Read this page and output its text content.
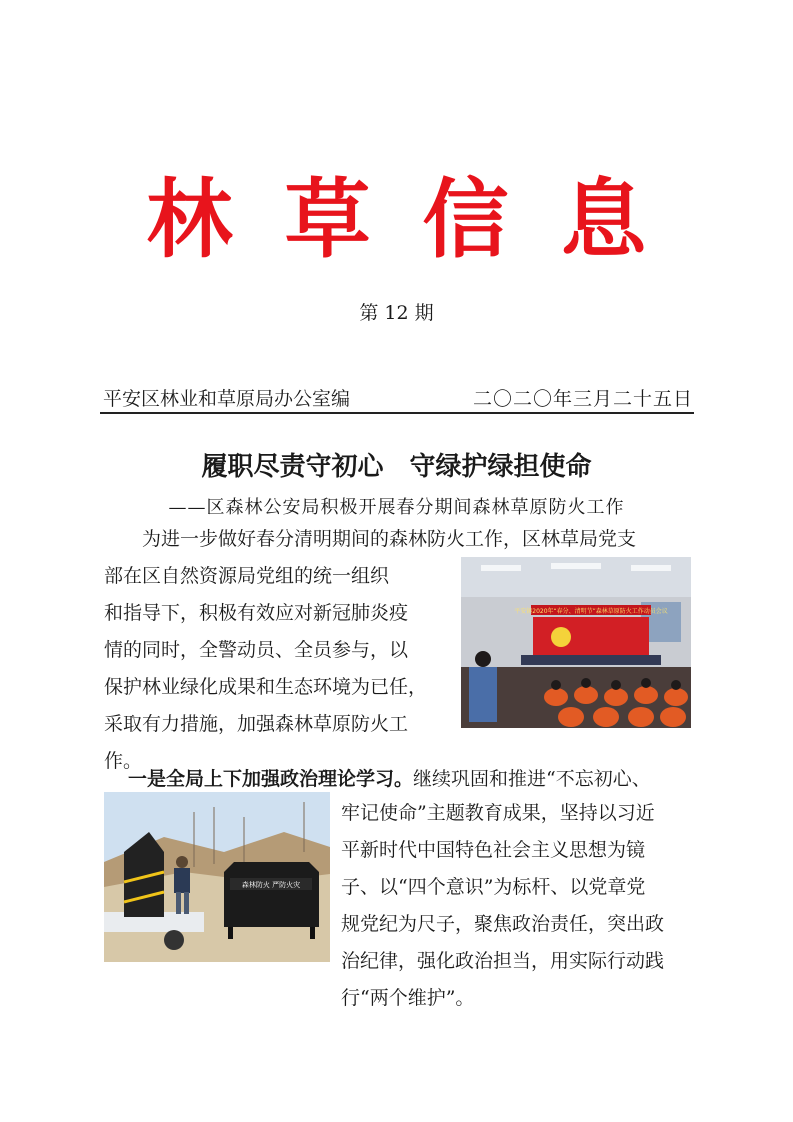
林草信息
第 12 期
平安区林业和草原局办公室编	二〇二〇年三月二十五日
履职尽责守初心　守绿护绿担使命
——区森林公安局积极开展春分期间森林草原防火工作

为进一步做好春分清明期间的森林防火工作，区林草局党支
部在区自然资源局党组的统一组织
和指导下，积极有效应对新冠肺炎疫
情的同时，全警动员、全员参与，以
保护林业绿化成果和生态环境为已任，
采取有力措施，加强森林草原防火工
作。

一是全局上下加强政治理论学习。继续巩固和推进“不忘初心、

牢记使命”主题教育成果，坚持以习近
平新时代中国特色社会主义思想为镜
子、以“四个意识”为标杆、以党章党
规党纪为尺子，聚焦政治责任，突出政
治纪律，强化政治担当，用实际行动践
行“两个维护”。

平安镇2020年“春分、清明节”森林草原防火工作动员会议
森林防火 严防火灾
